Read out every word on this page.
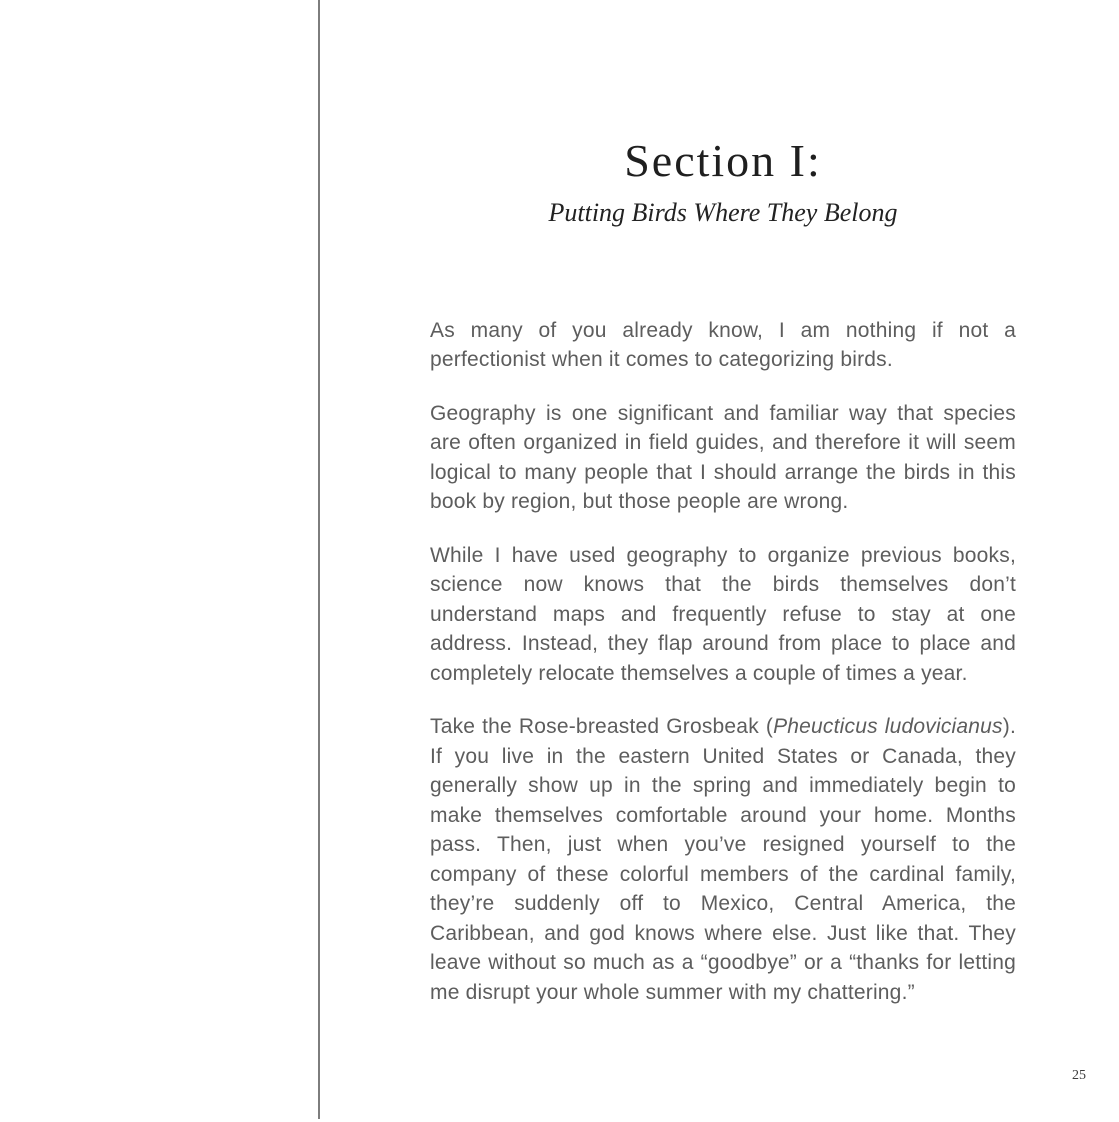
Section I:
Putting Birds Where They Belong

As many of you already know, I am nothing if not a perfectionist when it comes to categorizing birds.

Geography is one significant and familiar way that species are often organized in field guides, and therefore it will seem logical to many people that I should arrange the birds in this book by region, but those people are wrong.

While I have used geography to organize previous books, science now knows that the birds themselves don’t understand maps and frequently refuse to stay at one address. Instead, they flap around from place to place and completely relocate themselves a couple of times a year.

Take the Rose-breasted Grosbeak (Pheucticus ludovicianus). If you live in the eastern United States or Canada, they generally show up in the spring and immediately begin to make themselves comfortable around your home. Months pass. Then, just when you’ve resigned yourself to the company of these colorful members of the cardinal family, they’re suddenly off to Mexico, Central America, the Caribbean, and god knows where else. Just like that. They leave without so much as a “goodbye” or a “thanks for letting me disrupt your whole summer with my chattering.”

25
